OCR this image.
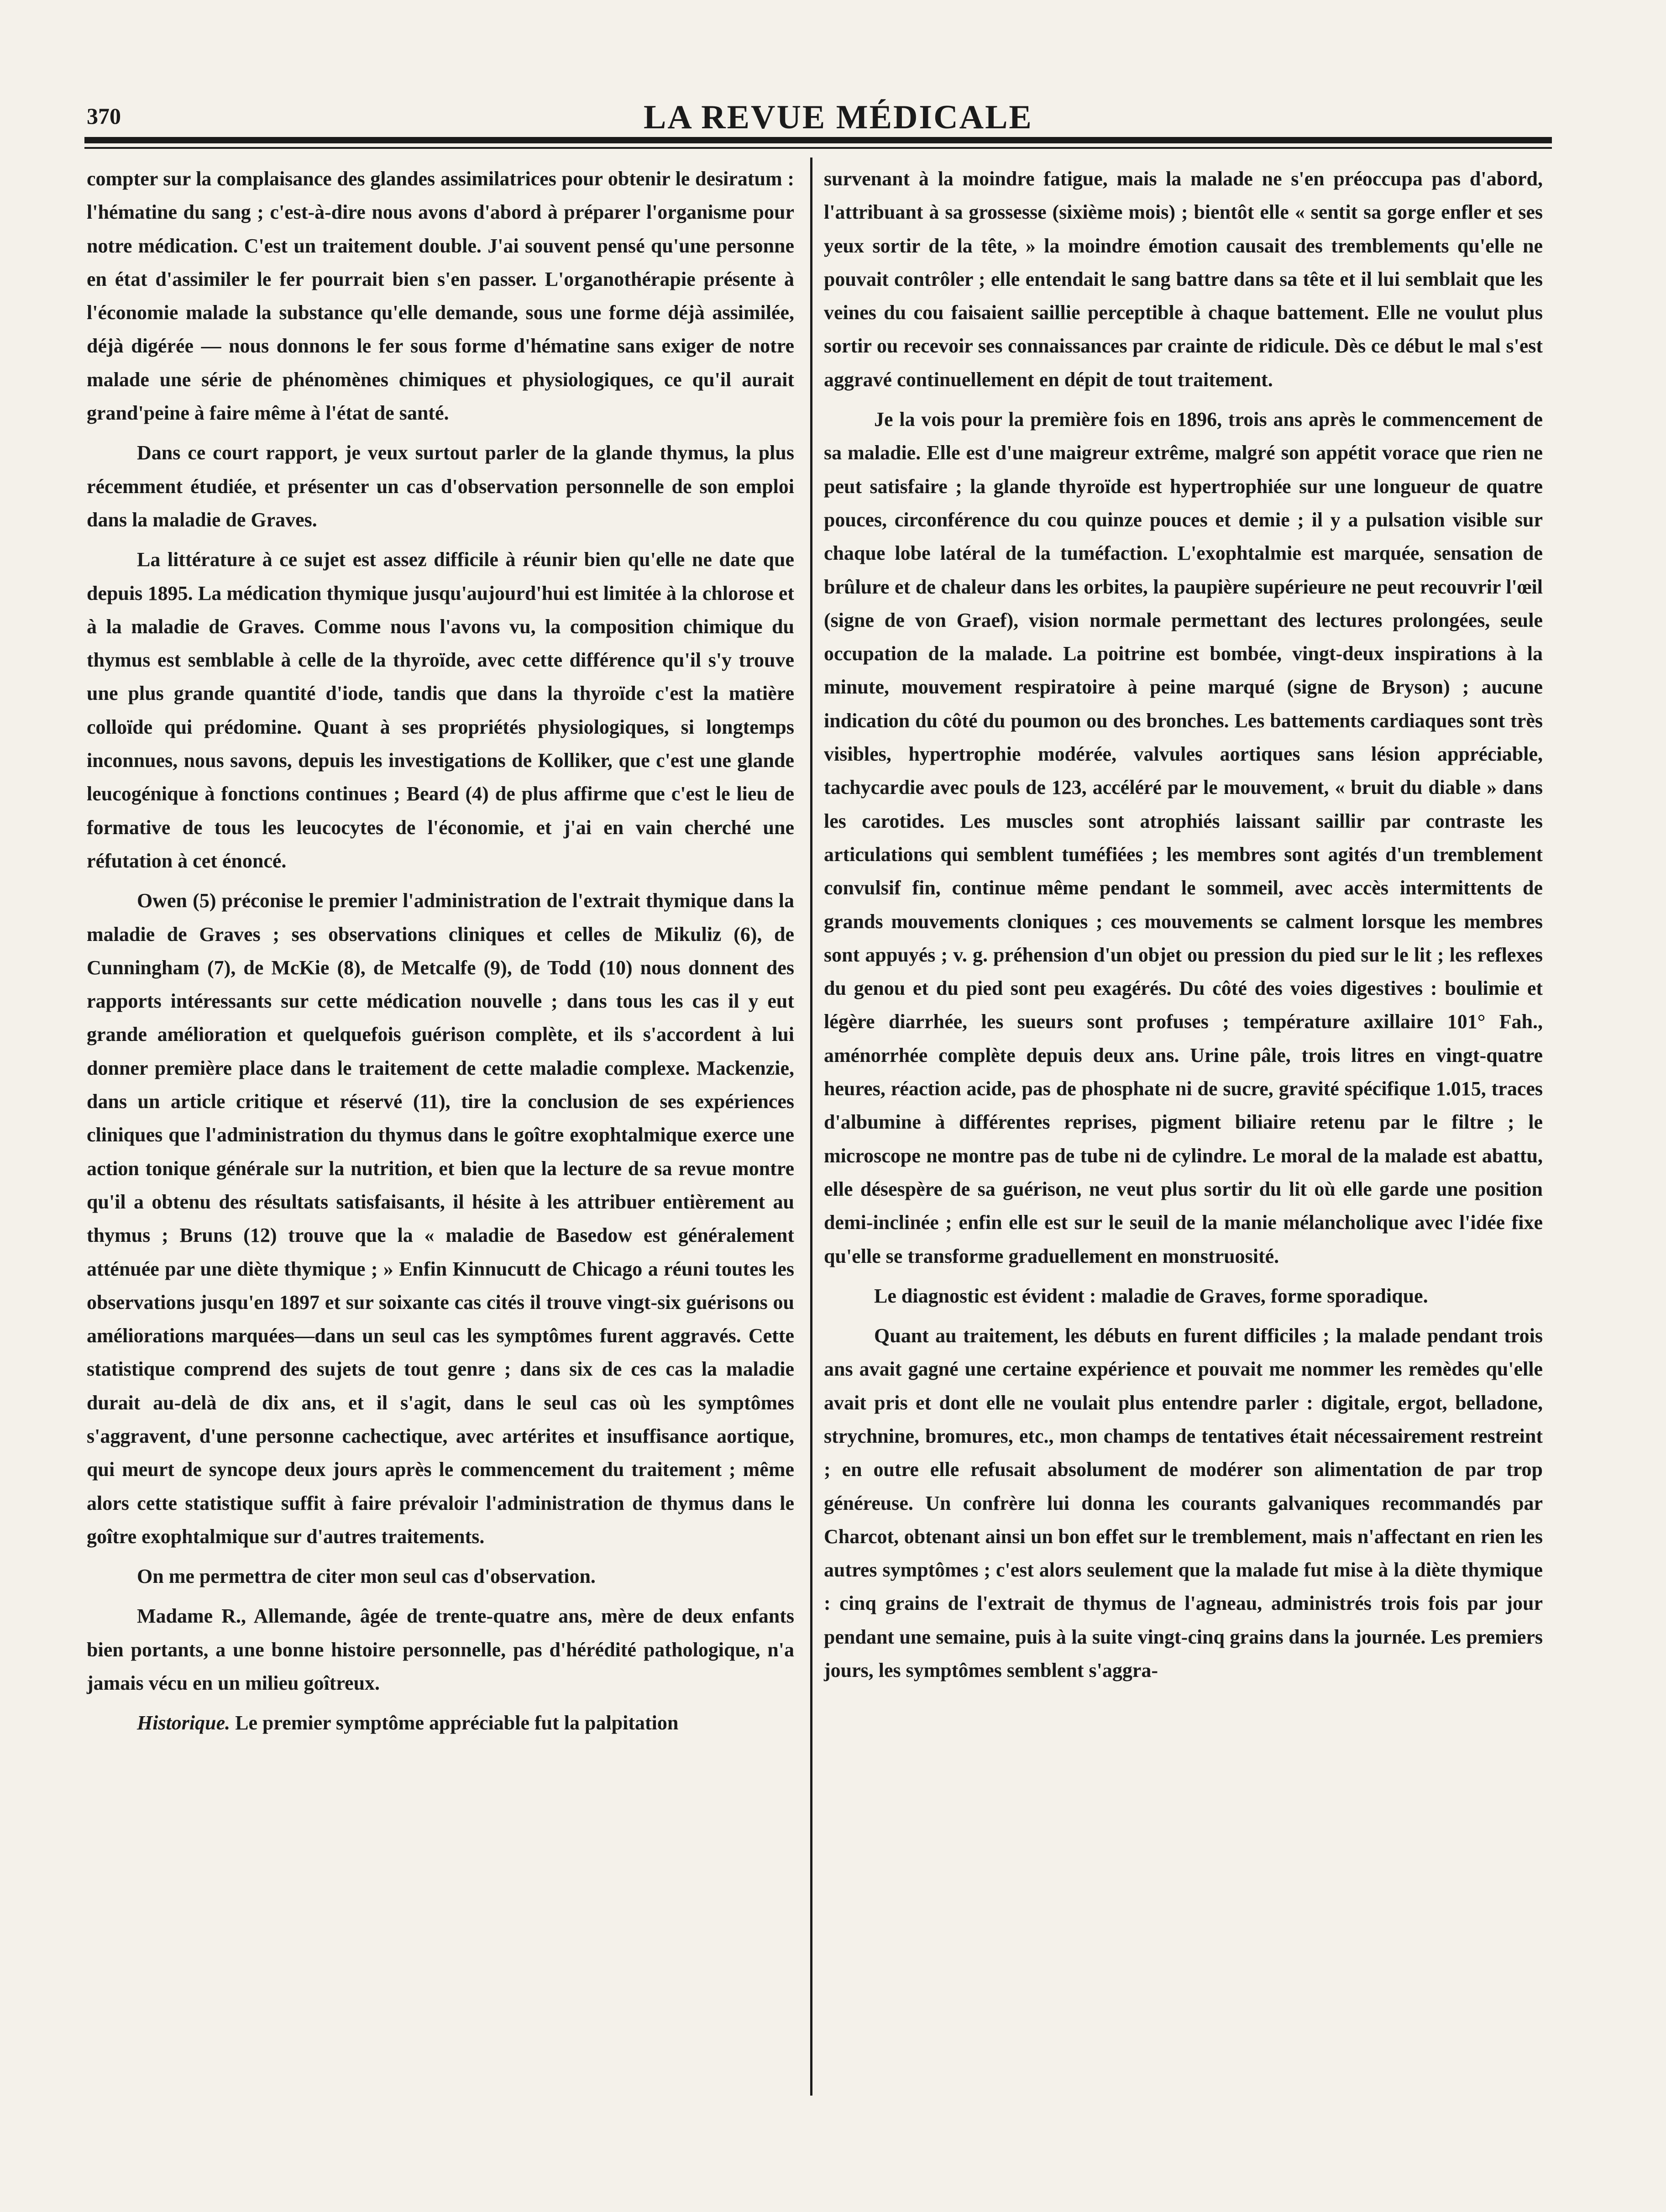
370	LA REVUE MÉDICALE

compter sur la complaisance des glandes assimilatrices pour obtenir le desiratum : l'hématine du sang ; c'est-à-dire nous avons d'abord à préparer l'organisme pour notre médication. C'est un traitement double. J'ai souvent pensé qu'une personne en état d'assimiler le fer pourrait bien s'en passer. L'organothérapie présente à l'économie malade la substance qu'elle demande, sous une forme déjà assimilée, déjà digérée — nous donnons le fer sous forme d'hématine sans exiger de notre malade une série de phénomènes chimiques et physiologiques, ce qu'il aurait grand'peine à faire même à l'état de santé.

Dans ce court rapport, je veux surtout parler de la glande thymus, la plus récemment étudiée, et présenter un cas d'observation personnelle de son emploi dans la maladie de Graves.

La littérature à ce sujet est assez difficile à réunir bien qu'elle ne date que depuis 1895. La médication thymique jusqu'aujourd'hui est limitée à la chlorose et à la maladie de Graves. Comme nous l'avons vu, la composition chimique du thymus est semblable à celle de la thyroïde, avec cette différence qu'il s'y trouve une plus grande quantité d'iode, tandis que dans la thyroïde c'est la matière colloïde qui prédomine. Quant à ses propriétés physiologiques, si longtemps inconnues, nous savons, depuis les investigations de Kolliker, que c'est une glande leucogénique à fonctions continues ; Beard (4) de plus affirme que c'est le lieu de formative de tous les leucocytes de l'économie, et j'ai en vain cherché une réfutation à cet énoncé.

Owen (5) préconise le premier l'administration de l'extrait thymique dans la maladie de Graves ; ses observations cliniques et celles de Mikuliz (6), de Cunningham (7), de McKie (8), de Metcalfe (9), de Todd (10) nous donnent des rapports intéressants sur cette médication nouvelle ; dans tous les cas il y eut grande amélioration et quelquefois guérison complète, et ils s'accordent à lui donner première place dans le traitement de cette maladie complexe. Mackenzie, dans un article critique et réservé (11), tire la conclusion de ses expériences cliniques que l'administration du thymus dans le goître exophtalmique exerce une action tonique générale sur la nutrition, et bien que la lecture de sa revue montre qu'il a obtenu des résultats satisfaisants, il hésite à les attribuer entièrement au thymus ; Bruns (12) trouve que la « maladie de Basedow est généralement atténuée par une diète thymique ; » Enfin Kinnucutt de Chicago a réuni toutes les observations jusqu'en 1897 et sur soixante cas cités il trouve vingt-six guérisons ou améliorations marquées—dans un seul cas les symptômes furent aggravés. Cette statistique comprend des sujets de tout genre ; dans six de ces cas la maladie durait au-delà de dix ans, et il s'agit, dans le seul cas où les symptômes s'aggravent, d'une personne cachectique, avec artérites et insuffisance aortique, qui meurt de syncope deux jours après le commencement du traitement ; même alors cette statistique suffit à faire prévaloir l'administration de thymus dans le goître exophtalmique sur d'autres traitements.

On me permettra de citer mon seul cas d'observation.

Madame R., Allemande, âgée de trente-quatre ans, mère de deux enfants bien portants, a une bonne histoire personnelle, pas d'hérédité pathologique, n'a jamais vécu en un milieu goîtreux.

Historique. Le premier symptôme appréciable fut la palpitation

survenant à la moindre fatigue, mais la malade ne s'en préoccupa pas d'abord, l'attribuant à sa grossesse (sixième mois) ; bientôt elle « sentit sa gorge enfler et ses yeux sortir de la tête, » la moindre émotion causait des tremblements qu'elle ne pouvait contrôler ; elle entendait le sang battre dans sa tête et il lui semblait que les veines du cou faisaient saillie perceptible à chaque battement. Elle ne voulut plus sortir ou recevoir ses connaissances par crainte de ridicule. Dès ce début le mal s'est aggravé continuellement en dépit de tout traitement.

Je la vois pour la première fois en 1896, trois ans après le commencement de sa maladie. Elle est d'une maigreur extrême, malgré son appétit vorace que rien ne peut satisfaire ; la glande thyroïde est hypertrophiée sur une longueur de quatre pouces, circonférence du cou quinze pouces et demie ; il y a pulsation visible sur chaque lobe latéral de la tuméfaction. L'exophtalmie est marquée, sensation de brûlure et de chaleur dans les orbites, la paupière supérieure ne peut recouvrir l'œil (signe de von Graef), vision normale permettant des lectures prolongées, seule occupation de la malade. La poitrine est bombée, vingt-deux inspirations à la minute, mouvement respiratoire à peine marqué (signe de Bryson) ; aucune indication du côté du poumon ou des bronches. Les battements cardiaques sont très visibles, hypertrophie modérée, valvules aortiques sans lésion appréciable, tachycardie avec pouls de 123, accéléré par le mouvement, « bruit du diable » dans les carotides. Les muscles sont atrophiés laissant saillir par contraste les articulations qui semblent tuméfiées ; les membres sont agités d'un tremblement convulsif fin, continue même pendant le sommeil, avec accès intermittents de grands mouvements cloniques ; ces mouvements se calment lorsque les membres sont appuyés ; v. g. préhension d'un objet ou pression du pied sur le lit ; les reflexes du genou et du pied sont peu exagérés. Du côté des voies digestives : boulimie et légère diarrhée, les sueurs sont profuses ; température axillaire 101° Fah., aménorrhée complète depuis deux ans. Urine pâle, trois litres en vingt-quatre heures, réaction acide, pas de phosphate ni de sucre, gravité spécifique 1.015, traces d'albumine à différentes reprises, pigment biliaire retenu par le filtre ; le microscope ne montre pas de tube ni de cylindre. Le moral de la malade est abattu, elle désespère de sa guérison, ne veut plus sortir du lit où elle garde une position demi-inclinée ; enfin elle est sur le seuil de la manie mélancholique avec l'idée fixe qu'elle se transforme graduellement en monstruosité.

Le diagnostic est évident : maladie de Graves, forme sporadique.

Quant au traitement, les débuts en furent difficiles ; la malade pendant trois ans avait gagné une certaine expérience et pouvait me nommer les remèdes qu'elle avait pris et dont elle ne voulait plus entendre parler : digitale, ergot, belladone, strychnine, bromures, etc., mon champs de tentatives était nécessairement restreint ; en outre elle refusait absolument de modérer son alimentation de par trop généreuse. Un confrère lui donna les courants galvaniques recommandés par Charcot, obtenant ainsi un bon effet sur le tremblement, mais n'affectant en rien les autres symptômes ; c'est alors seulement que la malade fut mise à la diète thymique : cinq grains de l'extrait de thymus de l'agneau, administrés trois fois par jour pendant une semaine, puis à la suite vingt-cinq grains dans la journée. Les premiers jours, les symptômes semblent s'aggra-
